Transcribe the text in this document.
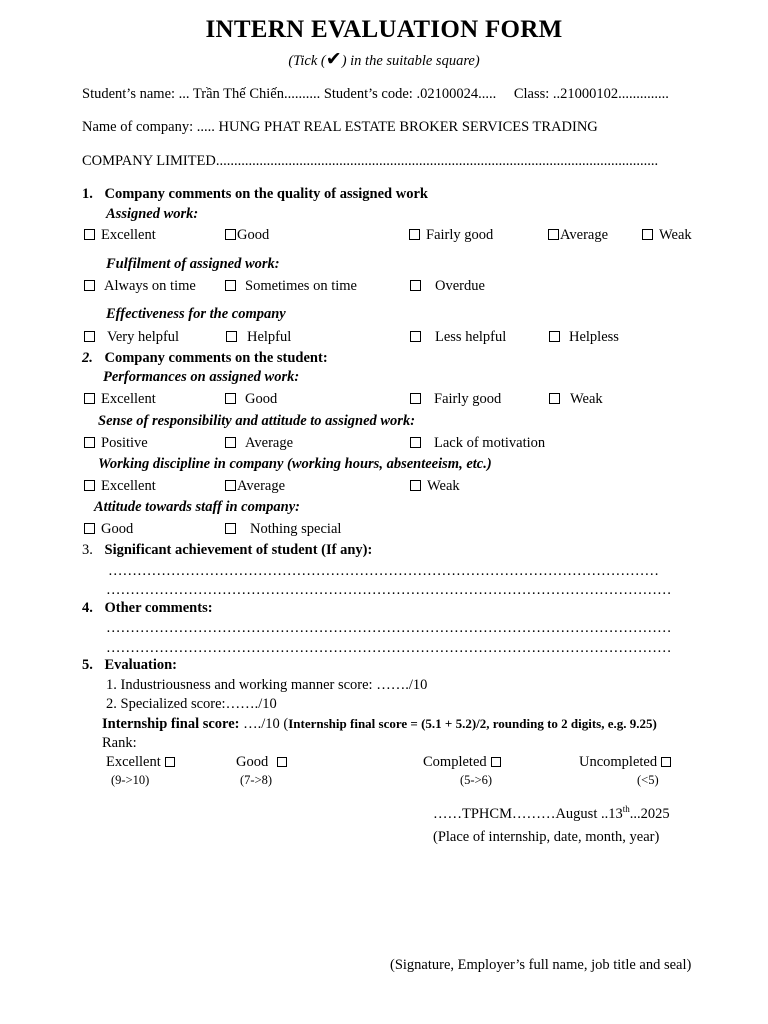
INTERN EVALUATION FORM
(Tick (✔) in the suitable square)
Student’s name: ... Trần Thế Chiến.......... Student’s code: .02100024..... Class: ..21000102..............
Name of company: ..... HUNG PHAT REAL ESTATE BROKER SERVICES TRADING
COMPANY LIMITED..........................................................................................................................
1. Company comments on the quality of assigned work
Assigned work:
Excellent	Good	Fairly good	Average	Weak
Fulfilment of assigned work:
Always on time	Sometimes on time	Overdue
Effectiveness for the company
Very helpful	Helpful	Less helpful	Helpless
2. Company comments on the student:
Performances on assigned work:
Excellent	Good	Fairly good	Weak
Sense of responsibility and attitude to assigned work:
Positive	Average	Lack of motivation
Working discipline in company (working hours, absenteeism, etc.)
Excellent	Average	Weak
Attitude towards staff in company:
Good	Nothing special
3. Significant achievement of student (If any):
……………………………………………………………………………………………………
………………………………………………………………………………………………………
4. Other comments:
………………………………………………………………………………………………………
………………………………………………………………………………………………………
5. Evaluation:
1. Industriousness and working manner score: ……./10
2. Specialized score:……./10
Internship final score: …./10 (Internship final score = (5.1 + 5.2)/2, rounding to 2 digits, e.g. 9.25)
Rank:
Excellent
(9->10)
Good
(7->8)
Completed
(5->6)
Uncompleted
(<5)
……TPHCM………August ..13th...2025
(Place of internship, date, month, year)
(Signature, Employer’s full name, job title and seal)
